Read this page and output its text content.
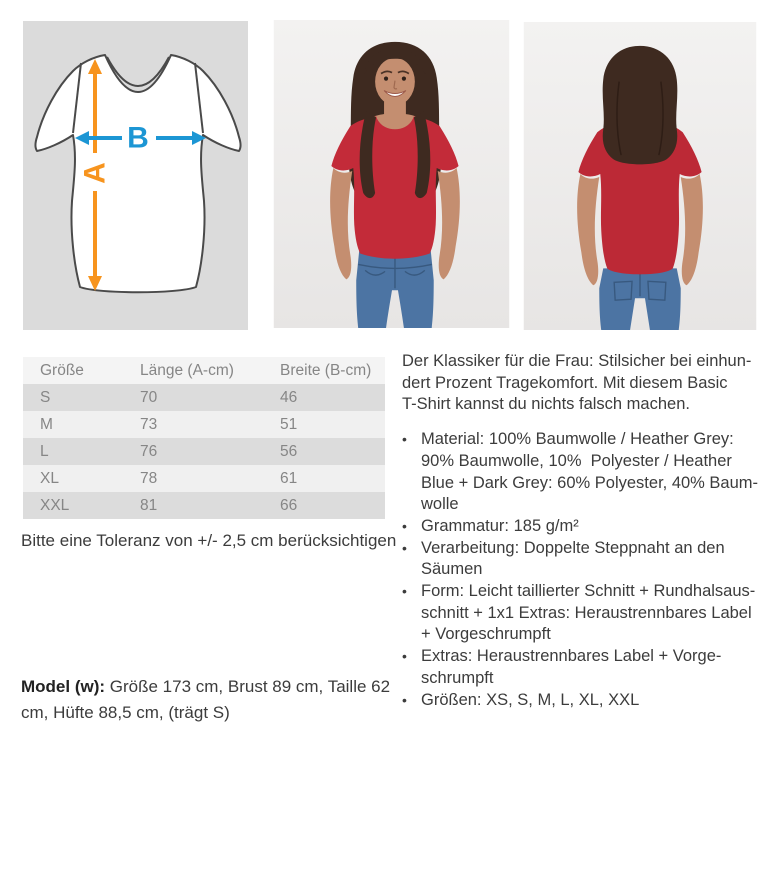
A
B
Größe	Länge (A-cm)	Breite (B-cm)
S	70	46
M	73	51
L	76	56
XL	78	61
XXL	81	66
Bitte eine Toleranz von +/- 2,5 cm berücksichtigen
Model (w): Größe 173 cm, Brust 89 cm, Taille 62 cm, Hüfte 88,5 cm, (trägt S)
Der Klassiker für die Frau: Stilsicher bei einhun-
dert Prozent Tragekomfort. Mit diesem Basic
T-Shirt kannst du nichts falsch machen.
• Material: 100% Baumwolle / Heather Grey:
90% Baumwolle, 10%  Polyester / Heather
Blue + Dark Grey: 60% Polyester, 40% Baum-
wolle
• Grammatur: 185 g/m²
• Verarbeitung: Doppelte Steppnaht an den
Säumen
• Form: Leicht taillierter Schnitt + Rundhalsaus-
schnitt + 1x1 Extras: Heraustrennbares Label
+ Vorgeschrumpft
• Extras: Heraustrennbares Label + Vorge-
schrumpft
• Größen: XS, S, M, L, XL, XXL
